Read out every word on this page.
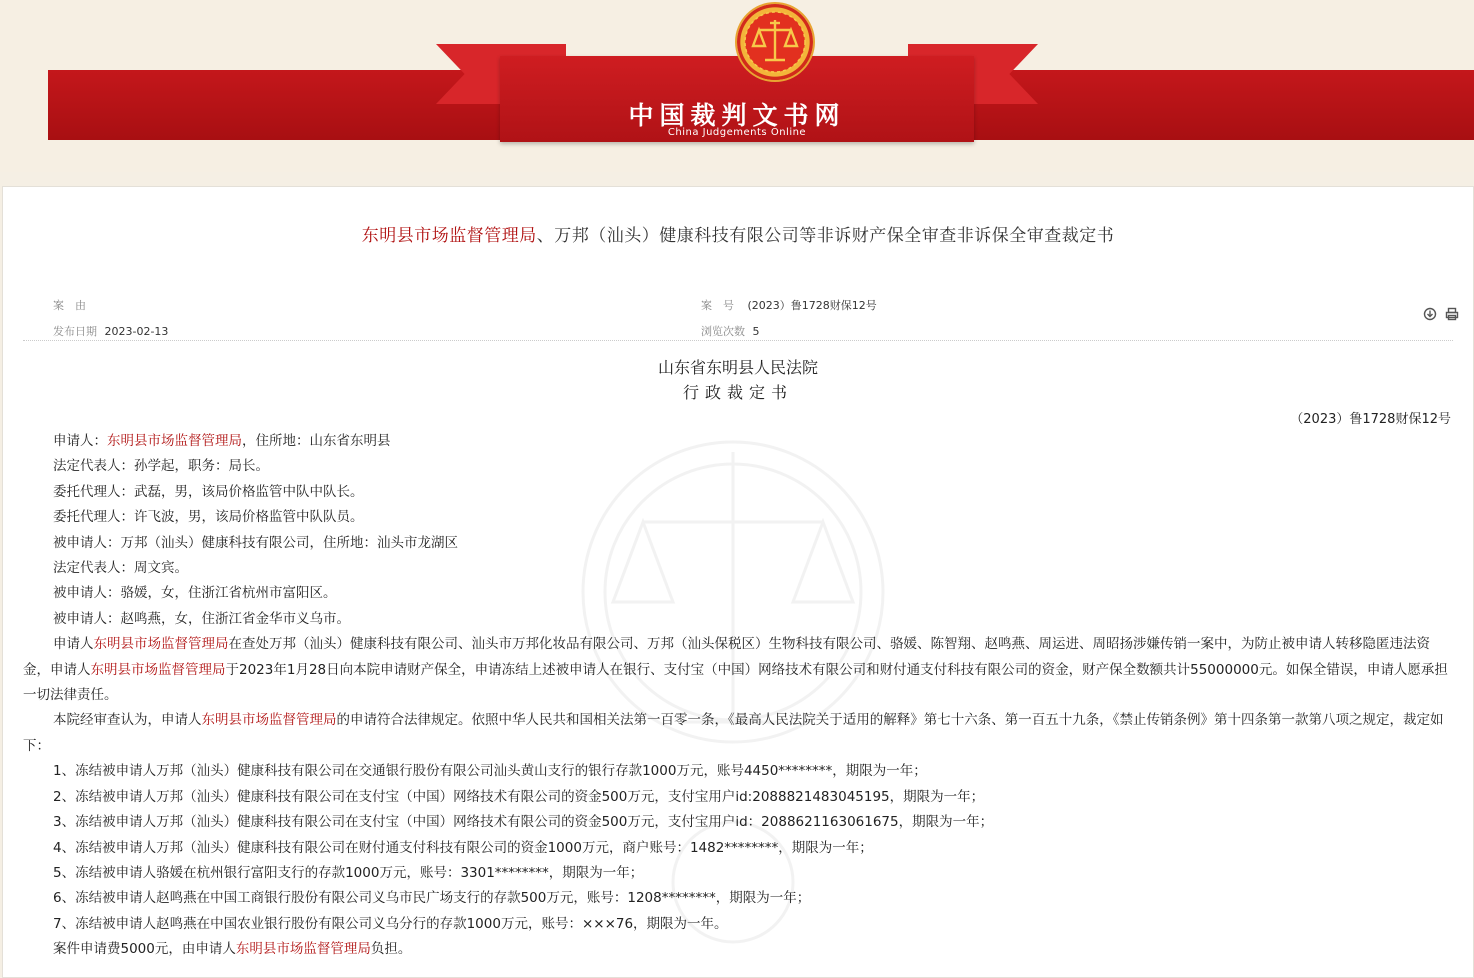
中国裁判文书网
China Judgements Online
东明县市场监督管理局、万邦（汕头）健康科技有限公司等非诉财产保全审查非诉保全审查裁定书
案　由
发布日期 2023-02-13
案　号 (2023）鲁1728财保12号
浏览次数 5

山东省东明县人民法院
行政裁定书
（2023）鲁1728财保12号

申请人：东明县市场监督管理局，住所地：山东省东明县

法定代表人：孙学起，职务：局长。

委托代理人：武磊，男，该局价格监管中队中队长。

委托代理人：许飞波，男，该局价格监管中队队员。

被申请人：万邦（汕头）健康科技有限公司，住所地：汕头市龙湖区

法定代表人：周文宾。

被申请人：骆媛，女，住浙江省杭州市富阳区。

被申请人：赵鸣燕，女，住浙江省金华市义乌市。

申请人东明县市场监督管理局在查处万邦（汕头）健康科技有限公司、汕头市万邦化妆品有限公司、万邦（汕头保税区）生物科技有限公司、骆媛、陈智翔、赵鸣燕、周运进、周昭扬涉嫌传销一案中，为防止被申请人转移隐匿违法资金，申请人东明县市场监督管理局于2023年1月28日向本院申请财产保全，申请冻结上述被申请人在银行、支付宝（中国）网络技术有限公司和财付通支付科技有限公司的资金，财产保全数额共计55000000元。如保全错误，申请人愿承担一切法律责任。

本院经审查认为，申请人东明县市场监督管理局的申请符合法律规定。依照中华人民共和国相关法第一百零一条，《最高人民法院关于适用的解释》第七十六条、第一百五十九条，《禁止传销条例》第十四条第一款第八项之规定，裁定如下：

1、冻结被申请人万邦（汕头）健康科技有限公司在交通银行股份有限公司汕头黄山支行的银行存款1000万元，账号4450********，期限为一年；

2、冻结被申请人万邦（汕头）健康科技有限公司在支付宝（中国）网络技术有限公司的资金500万元，支付宝用户id:2088821483045195，期限为一年；

3、冻结被申请人万邦（汕头）健康科技有限公司在支付宝（中国）网络技术有限公司的资金500万元，支付宝用户id：2088621163061675，期限为一年；

4、冻结被申请人万邦（汕头）健康科技有限公司在财付通支付科技有限公司的资金1000万元，商户账号：1482********，期限为一年；

5、冻结被申请人骆媛在杭州银行富阳支行的存款1000万元，账号：3301********，期限为一年；

6、冻结被申请人赵鸣燕在中国工商银行股份有限公司义乌市民广场支行的存款500万元，账号：1208********，期限为一年；

7、冻结被申请人赵鸣燕在中国农业银行股份有限公司义乌分行的存款1000万元，账号：×××76，期限为一年。

案件申请费5000元，由申请人东明县市场监督管理局负担。
